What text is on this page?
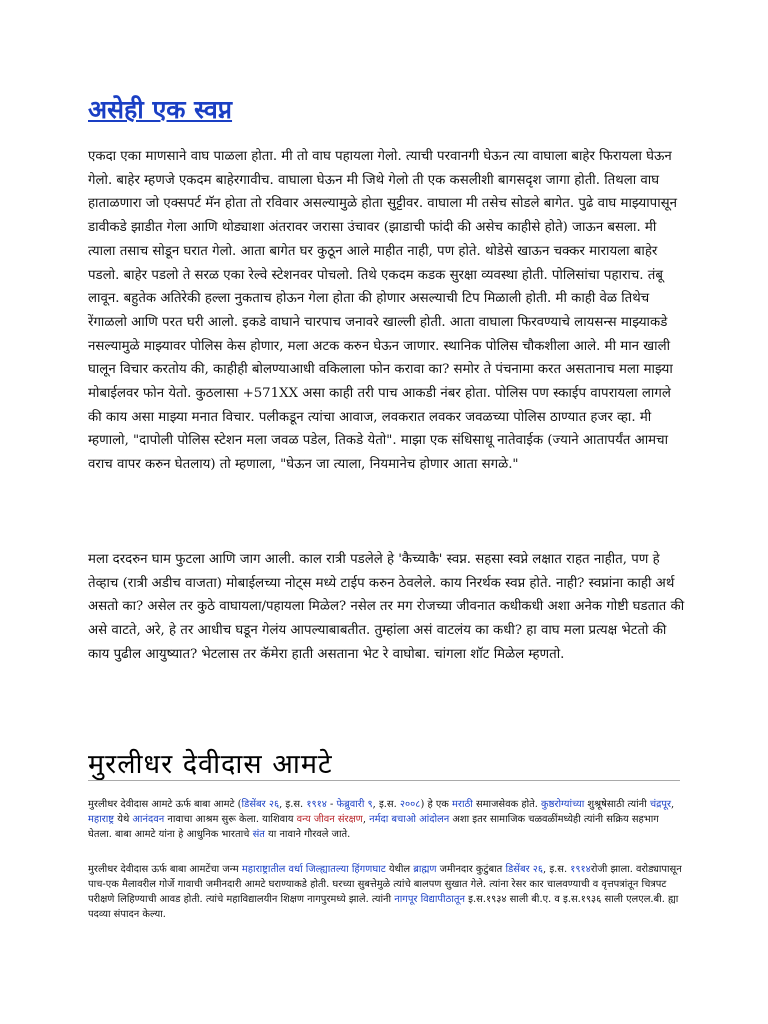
असेही एक स्वप्न

एकदा एका माणसाने वाघ पाळला होता. मी तो वाघ पहायला गेलो. त्याची परवानगी घेऊन त्या वाघाला बाहेर फिरायला घेऊन गेलो. बाहेर म्हणजे एकदम बाहेरगावीच. वाघाला घेऊन मी जिथे गेलो ती एक कसलीशी बागसदृश जागा होती. तिथला वाघ हाताळणारा जो एक्सपर्ट मॅन होता तो रविवार असल्यामुळे होता सुट्टीवर. वाघाला मी तसेच सोडले बागेत. पुढे वाघ माझ्यापासून डावीकडे झाडीत गेला आणि थोड्याशा अंतरावर जरासा उंचावर (झाडाची फांदी की असेच काहीसे होते) जाऊन बसला. मी त्याला तसाच सोडून घरात गेलो. आता बागेत घर कुठून आले माहीत नाही, पण होते. थोडेसे खाऊन चक्कर मारायला बाहेर पडलो. बाहेर पडलो ते सरळ एका रेल्वे स्टेशनवर पोचलो. तिथे एकदम कडक सुरक्षा व्यवस्था होती. पोलिसांचा पहाराच. तंबू लावून. बहुतेक अतिरेकी हल्ला नुकताच होऊन गेला होता की होणार असल्याची टिप मिळाली होती. मी काही वेळ तिथेच रेंगाळलो आणि परत घरी आलो. इकडे वाघाने चारपाच जनावरे खाल्ली होती. आता वाघाला फिरवण्याचे लायसन्स माझ्याकडे नसल्यामुळे माझ्यावर पोलिस केस होणार, मला अटक करुन घेऊन जाणार. स्थानिक पोलिस चौकशीला आले. मी मान खाली घालून विचार करतोय की, काहीही बोलण्याआधी वकिलाला फोन करावा का? समोर ते पंचनामा करत असतानाच मला माझ्या मोबाईलवर फोन येतो. कुठलासा +571XX असा काही तरी पाच आकडी नंबर होता. पोलिस पण स्काईप वापरायला लागले की काय असा माझ्या मनात विचार. पलीकडून त्यांचा आवाज, लवकरात लवकर जवळच्या पोलिस ठाण्यात हजर व्हा. मी म्हणालो, "दापोली पोलिस स्टेशन मला जवळ पडेल, तिकडे येतो". माझा एक संधिसाधू नातेवाईक (ज्याने आतापर्यंत आमचा वराच वापर करुन घेतलाय) तो म्हणाला, "घेऊन जा त्याला, नियमानेच होणार आता सगळे."

मला दरदरुन घाम फुटला आणि जाग आली. काल रात्री पडलेले हे 'कैच्याकै' स्वप्न. सहसा स्वप्ने लक्षात राहत नाहीत, पण हे तेव्हाच (रात्री अडीच वाजता) मोबाईलच्या नोट्स मध्ये टाईप करुन ठेवलेले. काय निरर्थक स्वप्न होते. नाही? स्वप्नांना काही अर्थ असतो का? असेल तर कुठे वाघायला/पहायला मिळेल? नसेल तर मग रोजच्या जीवनात कधीकधी अशा अनेक गोष्टी घडतात की असे वाटते, अरे, हे तर आधीच घडून गेलंय आपल्याबाबतीत. तुम्हांला असं वाटलंय का कधी? हा वाघ मला प्रत्यक्ष भेटतो की काय पुढील आयुष्यात? भेटलास तर कॅमेरा हाती असताना भेट रे वाघोबा. चांगला शॉट मिळेल म्हणतो.

मुरलीधर देवीदास आमटे

मुरलीधर देवीदास आमटे ऊर्फ बाबा आमटे (डिसेंबर २६, इ.स. १९१४ - फेब्रुवारी ९, इ.स. २००८) हे एक मराठी समाजसेवक होते. कुष्ठरोग्यांच्या शुश्रूषेसाठी त्यांनी चंद्रपूर, महाराष्ट्र येथे आनंदवन नावाचा आश्रम सुरू केला. याशिवाय वन्य जीवन संरक्षण, नर्मदा बचाओ आंदोलन अशा इतर सामाजिक चळवळींमध्येही त्यांनी सक्रिय सहभाग घेतला. बाबा आमटे यांना हे आधुनिक भारताचे संत या नावाने गौरवले जाते.

मुरलीधर देवीदास ऊर्फ बाबा आमटेंचा जन्म महाराष्ट्रातील वर्धा जिल्ह्यातल्या हिंगणघाट येथील ब्राह्मण जमीनदार कुटुंबात डिसेंबर २६, इ.स. १९१४रोजी झाला. वरोड्यापासून पाच-एक मैलावरील गोर्जे गावाची जमीनदारी आमटे घराण्याकडे होती. घरच्या सुबत्तेमुळे त्यांचे बालपण सुखात गेले. त्यांना रेसर कार चालवण्याची व वृत्तपत्रांतून चित्रपट परीक्षणे लिहिण्याची आवड होती. त्यांचे महाविद्यालयीन शिक्षण नागपुरमध्ये झाले. त्यांनी नागपूर विद्यापीठातून इ.स.१९३४ साली बी.ए. व इ.स.१९३६ साली एलएल.बी. ह्या पदव्या संपादन केल्या.
